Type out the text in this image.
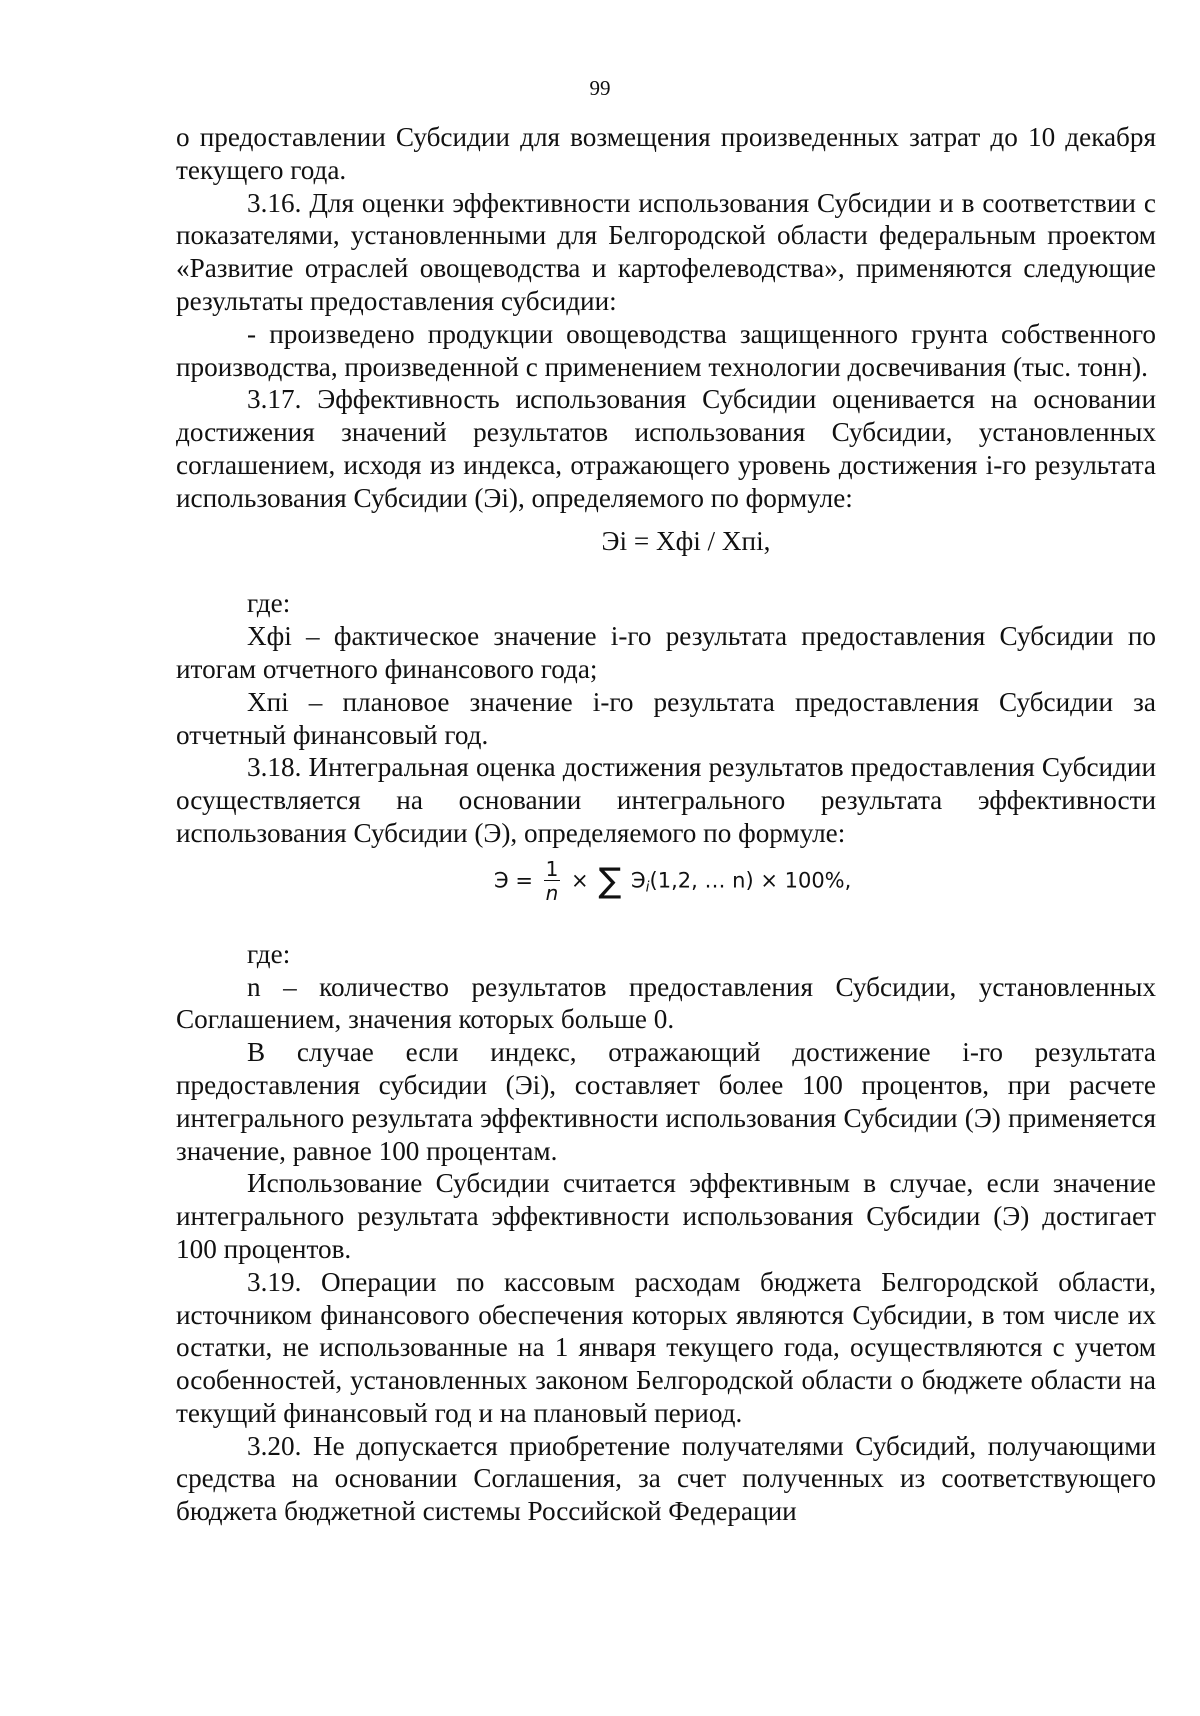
99

о предоставлении Субсидии для возмещения произведенных затрат до 10 декабря текущего года.

3.16. Для оценки эффективности использования Субсидии и в соответствии с показателями, установленными для Белгородской области федеральным проектом «Развитие отраслей овощеводства и картофелеводства», применяются следующие результаты предоставления субсидии:

- произведено продукции овощеводства защищенного грунта собственного производства, произведенной с применением технологии досвечивания (тыс. тонн).

3.17. Эффективность использования Субсидии оценивается на основании достижения значений результатов использования Субсидии, установленных соглашением, исходя из индекса, отражающего уровень достижения i-го результата использования Субсидии (Эi), определяемого по формуле:

Эi = Хфi / Хпi,

где:

Хфi – фактическое значение i-го результата предоставления Субсидии по итогам отчетного финансового года;

Хпi – плановое значение i-го результата предоставления Субсидии за отчетный финансовый год.

3.18. Интегральная оценка достижения результатов предоставления Субсидии осуществляется на основании интегрального результата эффективности использования Субсидии (Э), определяемого по формуле:

$Э = \frac{1}{n}$ × ∑ $Э_i(1,2$, … n) × 100%,

где:

n – количество результатов предоставления Субсидии, установленных Соглашением, значения которых больше 0.

В случае если индекс, отражающий достижение i-го результата предоставления субсидии (Эi), составляет более 100 процентов, при расчете интегрального результата эффективности использования Субсидии (Э) применяется значение, равное 100 процентам.

Использование Субсидии считается эффективным в случае, если значение интегрального результата эффективности использования Субсидии (Э) достигает 100 процентов.

3.19. Операции по кассовым расходам бюджета Белгородской области, источником финансового обеспечения которых являются Субсидии, в том числе их остатки, не использованные на 1 января текущего года, осуществляются с учетом особенностей, установленных законом Белгородской области о бюджете области на текущий финансовый год и на плановый период.

3.20. Не допускается приобретение получателями Субсидий, получающими средства на основании Соглашения, за счет полученных из соответствующего бюджета бюджетной системы Российской Федерации
